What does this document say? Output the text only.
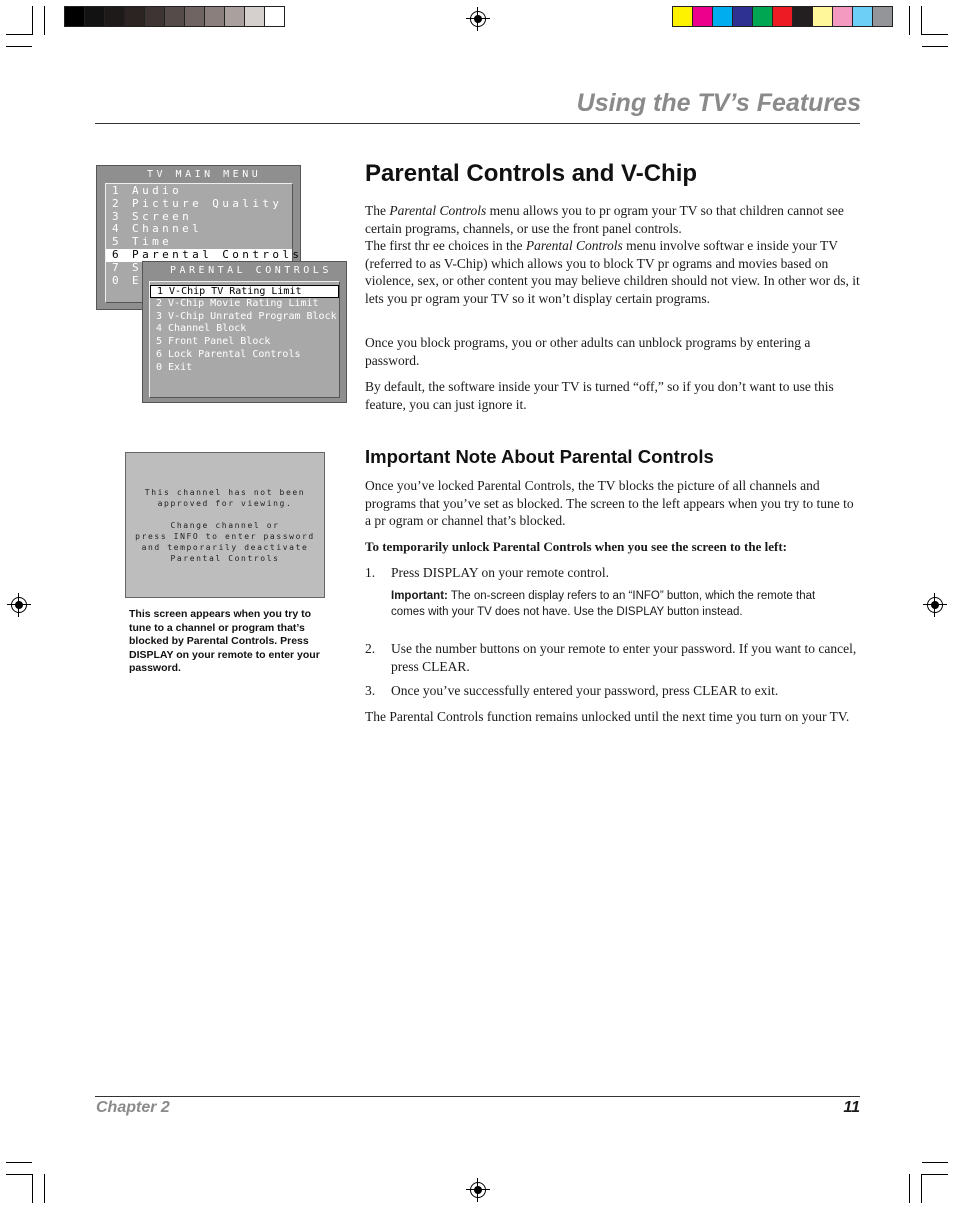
Using the TV’s Features
TV MAIN MENU
1 Audio
2 Picture Quality
3 Screen
4 Channel
5 Time
6 Parental Controls
7 S
0 E
PARENTAL CONTROLS
1 V-Chip TV Rating Limit
2 V-Chip Movie Rating Limit
3 V-Chip Unrated Program Block
4 Channel Block
5 Front Panel Block
6 Lock Parental Controls
0 Exit
This channel has not been
approved for viewing.
Change channel or
press INFO to enter password
and temporarily deactivate
Parental Controls
This screen appears when you try to tune to a channel or program that’s blocked by Parental Controls. Press DISPLAY on your remote to enter your password.
Parental Controls and V-Chip

The Parental Controls menu allows you to pr ogram your TV so that children cannot see certain programs, channels, or use the front panel controls.
The first thr ee choices in the Parental Controls menu involve softwar e inside your TV (referred to as V-Chip) which allows you to block TV pr ograms and movies based on violence, sex, or other content you may believe children should not view. In other wor ds, it lets you pr ogram your TV so it won’t display certain programs.

Once you block programs, you or other adults can unblock programs by entering a password.

By default, the software inside your TV is turned “off,” so if you don’t want to use this feature, you can just ignore it.

Important Note About Parental Controls

Once you’ve locked Parental Controls, the TV blocks the picture of all channels and programs that you’ve set as blocked. The screen to the left appears when you try to tune to a pr ogram or channel that’s blocked.

To temporarily unlock Parental Controls when you see the screen to the left:

1. Press DISPLAY on your remote control.
Important: The on-screen display refers to an “INFO” button, which the remote that comes with your TV does not have. Use the DISPLAY button instead.
2. Use the number buttons on your remote to enter your password. If you want to cancel, press CLEAR.
3. Once you’ve successfully entered your password, press CLEAR to exit.

The Parental Controls function remains unlocked until the next time you turn on your TV.

Chapter 2	11
